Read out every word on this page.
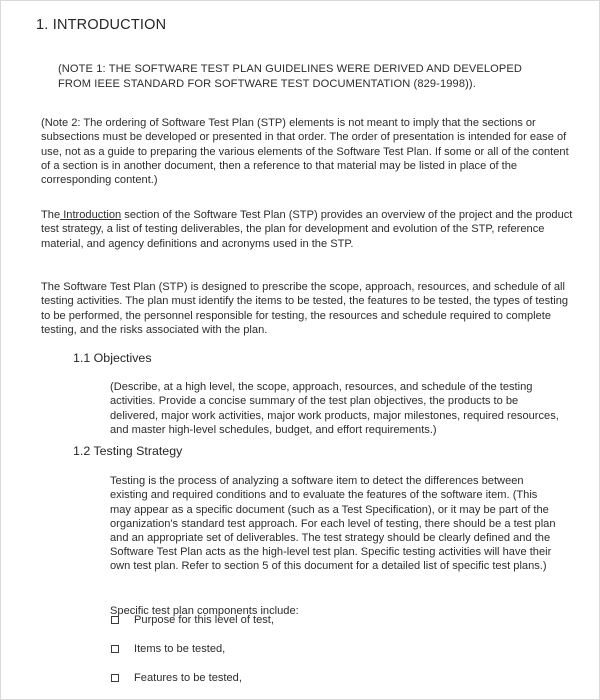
1. INTRODUCTION

(NOTE 1: THE SOFTWARE TEST PLAN GUIDELINES WERE DERIVED AND DEVELOPED FROM IEEE STANDARD FOR SOFTWARE TEST DOCUMENTATION (829-1998)).

(Note 2: The ordering of Software Test Plan (STP) elements is not meant to imply that the sections or subsections must be developed or presented in that order. The order of presentation is intended for ease of use, not as a guide to preparing the various elements of the Software Test Plan. If some or all of the content of a section is in another document, then a reference to that material may be listed in place of the corresponding content.)

The Introduction section of the Software Test Plan (STP) provides an overview of the project and the product test strategy, a list of testing deliverables, the plan for development and evolution of the STP, reference material, and agency definitions and acronyms used in the STP.

The Software Test Plan (STP) is designed to prescribe the scope, approach, resources, and schedule of all testing activities. The plan must identify the items to be tested, the features to be tested, the types of testing to be performed, the personnel responsible for testing, the resources and schedule required to complete testing, and the risks associated with the plan.

1.1 Objectives

(Describe, at a high level, the scope, approach, resources, and schedule of the testing activities. Provide a concise summary of the test plan objectives, the products to be delivered, major work activities, major work products, major milestones, required resources, and master high-level schedules, budget, and effort requirements.)

1.2 Testing Strategy

Testing is the process of analyzing a software item to detect the differences between existing and required conditions and to evaluate the features of the software item. (This may appear as a specific document (such as a Test Specification), or it may be part of the organization's standard test approach. For each level of testing, there should be a test plan and an appropriate set of deliverables. The test strategy should be clearly defined and the Software Test Plan acts as the high-level test plan. Specific testing activities will have their own test plan. Refer to section 5 of this document for a detailed list of specific test plans.)

Specific test plan components include:

Purpose for this level of test,
Items to be tested,
Features to be tested,
